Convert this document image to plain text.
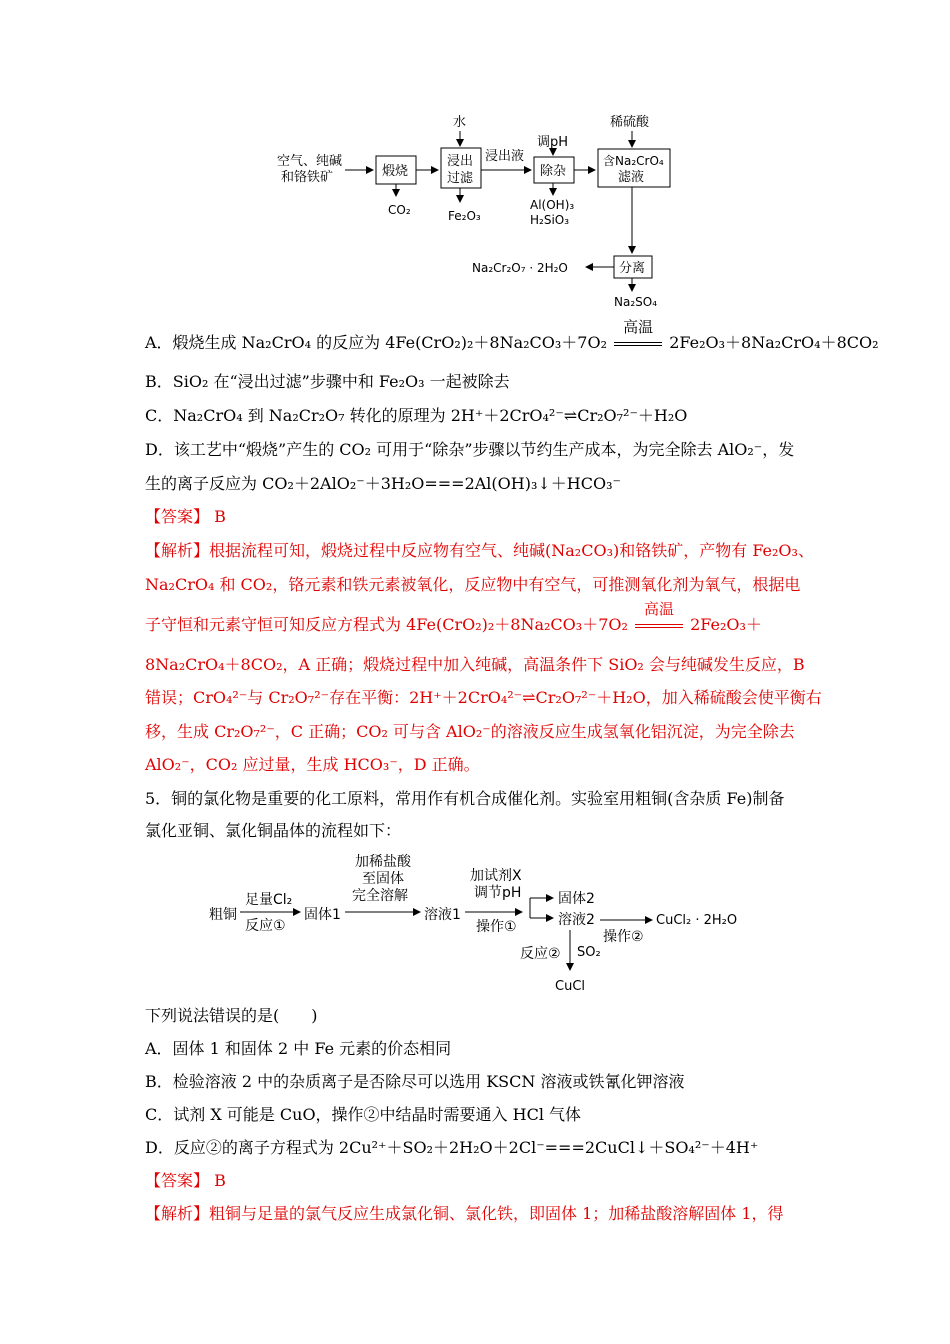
空气、纯碱
和铬铁矿	煅烧
CO₂
水
浸出
过滤
Fe₂O₃
浸出液
调pH
除杂
Al(OH)₃
H₂SiO₃
稀硫酸
含Na₂CrO₄
滤液
分离
Na₂Cr₂O₇ · 2H₂O
Na₂SO₄
A．煅烧生成 Na₂CrO₄ 的反应为 4Fe(CrO₂)₂＋8Na₂CO₃＋7O₂
高温
2Fe₂O₃＋8Na₂CrO₄＋8CO₂
B．SiO₂ 在“浸出过滤”步骤中和 Fe₂O₃ 一起被除去
C．Na₂CrO₄ 到 Na₂Cr₂O₇ 转化的原理为 2H⁺＋2CrO₄²⁻⇌Cr₂O₇²⁻＋H₂O
D．该工艺中“煅烧”产生的 CO₂ 可用于“除杂”步骤以节约生产成本，为完全除去 AlO₂⁻，发
生的离子反应为 CO₂＋2AlO₂⁻＋3H₂O===2Al(OH)₃↓＋HCO₃⁻
【答案】 B
【解析】根据流程可知，煅烧过程中反应物有空气、纯碱(Na₂CO₃)和铬铁矿，产物有 Fe₂O₃、
Na₂CrO₄ 和 CO₂，铬元素和铁元素被氧化，反应物中有空气，可推测氧化剂为氧气，根据电
子守恒和元素守恒可知反应方程式为 4Fe(CrO₂)₂＋8Na₂CO₃＋7O₂
高温
2Fe₂O₃＋
8Na₂CrO₄＋8CO₂，A 正确；煅烧过程中加入纯碱，高温条件下 SiO₂ 会与纯碱发生反应，B
错误；CrO₄²⁻与 Cr₂O₇²⁻存在平衡：2H⁺＋2CrO₄²⁻⇌Cr₂O₇²⁻＋H₂O，加入稀硫酸会使平衡右
移，生成 Cr₂O₇²⁻，C 正确；CO₂ 可与含 AlO₂⁻的溶液反应生成氢氧化铝沉淀，为完全除去
AlO₂⁻，CO₂ 应过量，生成 HCO₃⁻，D 正确。
5．铜的氯化物是重要的化工原料，常用作有机合成催化剂。实验室用粗铜(含杂质 Fe)制备
氯化亚铜、氯化铜晶体的流程如下：
粗铜
足量Cl₂
反应①
固体1
加稀盐酸
至固体
完全溶解
溶液1
加试剂X
调节pH
操作①
固体2
溶液2
操作②
CuCl₂ · 2H₂O
反应② SO₂
CuCl
下列说法错误的是(　　)
A．固体 1 和固体 2 中 Fe 元素的价态相同
B．检验溶液 2 中的杂质离子是否除尽可以选用 KSCN 溶液或铁氰化钾溶液
C．试剂 X 可能是 CuO，操作②中结晶时需要通入 HCl 气体
D．反应②的离子方程式为 2Cu²⁺＋SO₂＋2H₂O＋2Cl⁻===2CuCl↓＋SO₄²⁻＋4H⁺
【答案】 B
【解析】粗铜与足量的氯气反应生成氯化铜、氯化铁，即固体 1；加稀盐酸溶解固体 1，得
